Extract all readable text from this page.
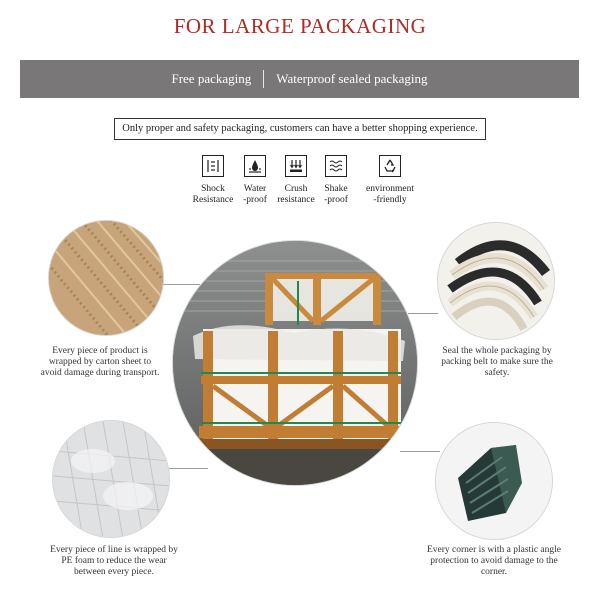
FOR LARGE PACKAGING
Free packaging Waterproof sealed packaging
Only proper and safety packaging, customers can have a better shopping experience.
Shock
Resistance
Water
-proof
Crush
resistance
Shake
-proof
environment
-friendly
Every piece of product is wrapped by carton sheet to avoid damage during transport.
Seal the whole packaging by packing belt to make sure the safety.
Every piece of line is wrapped by PE foam to reduce the wear between every piece.
Every corner is with a plastic angle protection to avoid damage to the corner.
